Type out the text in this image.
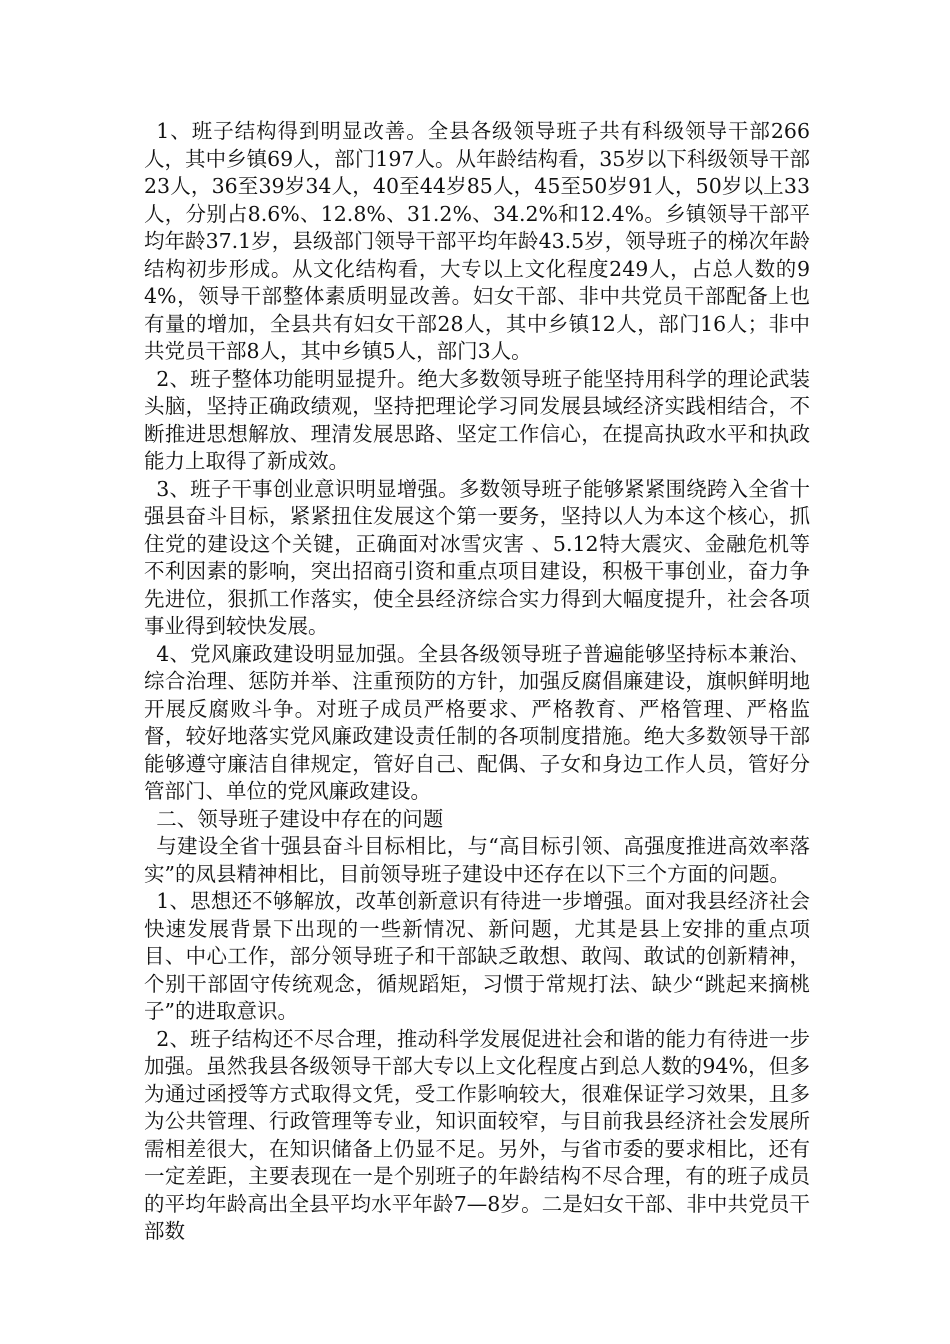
1、班子结构得到明显改善。全县各级领导班子共有科级领导干部266人，其中乡镇69人，部门197人。从年龄结构看，35岁以下科级领导干部23人，36至39岁34人，40至44岁85人，45至50岁91人，50岁以上33人，分别占8.6%、12.8%、31.2%、34.2%和12.4%。乡镇领导干部平均年龄37.1岁，县级部门领导干部平均年龄43.5岁，领导班子的梯次年龄结构初步形成。从文化结构看，大专以上文化程度249人，占总人数的94%，领导干部整体素质明显改善。妇女干部、非中共党员干部配备上也有量的增加，全县共有妇女干部28人，其中乡镇12人，部门16人；非中共党员干部8人，其中乡镇5人，部门3人。

2、班子整体功能明显提升。绝大多数领导班子能坚持用科学的理论武装头脑，坚持正确政绩观，坚持把理论学习同发展县域经济实践相结合，不断推进思想解放、理清发展思路、坚定工作信心，在提高执政水平和执政能力上取得了新成效。

3、班子干事创业意识明显增强。多数领导班子能够紧紧围绕跨入全省十强县奋斗目标，紧紧扭住发展这个第一要务，坚持以人为本这个核心，抓住党的建设这个关键，正确面对冰雪灾害 、5.12特大震灾、金融危机等不利因素的影响，突出招商引资和重点项目建设，积极干事创业，奋力争先进位，狠抓工作落实，使全县经济综合实力得到大幅度提升，社会各项事业得到较快发展。

4、党风廉政建设明显加强。全县各级领导班子普遍能够坚持标本兼治、综合治理、惩防并举、注重预防的方针，加强反腐倡廉建设，旗帜鲜明地开展反腐败斗争。对班子成员严格要求、严格教育、严格管理、严格监督，较好地落实党风廉政建设责任制的各项制度措施。绝大多数领导干部能够遵守廉洁自律规定，管好自己、配偶、子女和身边工作人员，管好分管部门、单位的党风廉政建设。

二、领导班子建设中存在的问题

与建设全省十强县奋斗目标相比，与“高目标引领、高强度推进高效率落实”的凤县精神相比，目前领导班子建设中还存在以下三个方面的问题。

1、思想还不够解放，改革创新意识有待进一步增强。面对我县经济社会快速发展背景下出现的一些新情况、新问题，尤其是县上安排的重点项目、中心工作，部分领导班子和干部缺乏敢想、敢闯、敢试的创新精神，个别干部固守传统观念，循规蹈矩，习惯于常规打法、缺少“跳起来摘桃子”的进取意识。

2、班子结构还不尽合理，推动科学发展促进社会和谐的能力有待进一步加强。虽然我县各级领导干部大专以上文化程度占到总人数的94%，但多为通过函授等方式取得文凭，受工作影响较大，很难保证学习效果，且多为公共管理、行政管理等专业，知识面较窄，与目前我县经济社会发展所需相差很大，在知识储备上仍显不足。另外，与省市委的要求相比，还有一定差距，主要表现在一是个别班子的年龄结构不尽合理，有的班子成员的平均年龄高出全县平均水平年龄7—8岁。二是妇女干部、非中共党员干部数
